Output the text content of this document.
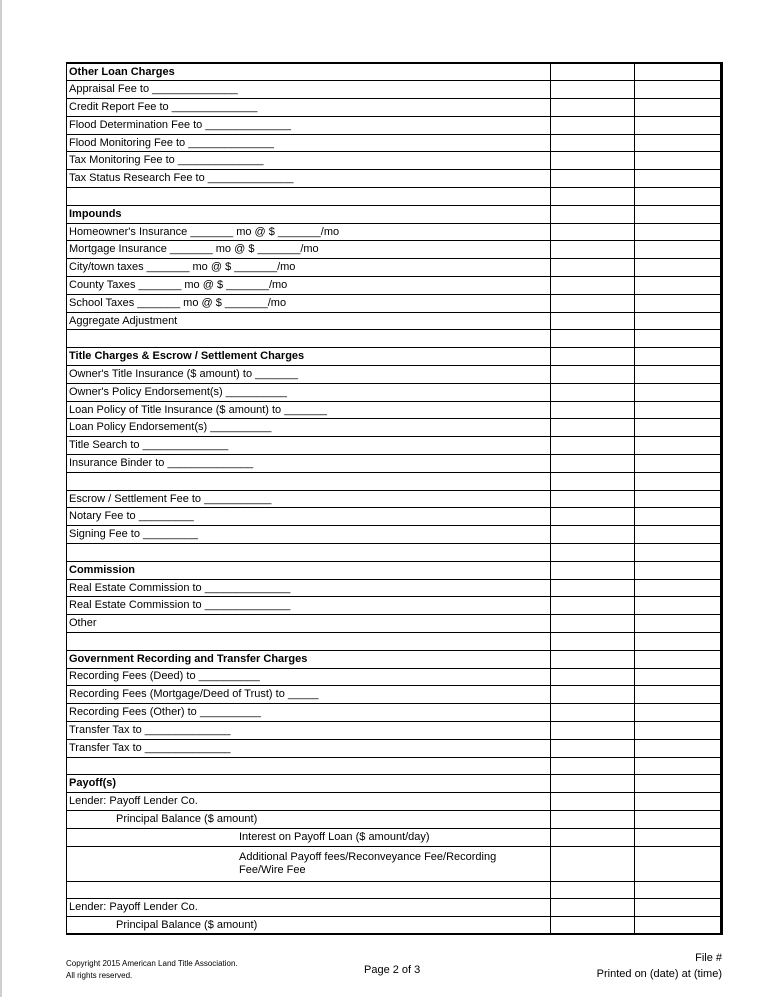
Other Loan Charges		
Appraisal Fee to ______________		
Credit Report Fee to ______________		
Flood Determination Fee to ______________		
Flood Monitoring Fee to ______________		
Tax Monitoring Fee to ______________		
Tax Status Research Fee to ______________		

Impounds		
Homeowner's Insurance _______ mo @ $ _______/mo		
Mortgage Insurance _______ mo @ $ _______/mo		
City/town taxes _______ mo @ $ _______/mo		
County Taxes _______ mo @ $ _______/mo		
School Taxes _______ mo @ $ _______/mo		
Aggregate Adjustment		

Title Charges & Escrow / Settlement Charges		
Owner's Title Insurance ($ amount) to _______		
Owner's Policy Endorsement(s) __________		
Loan Policy of Title Insurance ($ amount) to _______		
Loan Policy Endorsement(s) __________		
Title Search to ______________		
Insurance Binder to ______________		

Escrow / Settlement Fee to ___________		
Notary Fee to _________		
Signing Fee to _________		

Commission		
Real Estate Commission to ______________		
Real Estate Commission to ______________		
Other		

Government Recording and Transfer Charges		
Recording Fees (Deed) to __________		
Recording Fees (Mortgage/Deed of Trust) to _____		
Recording Fees (Other) to __________		
Transfer Tax to ______________		
Transfer Tax to ______________		

Payoff(s)		
Lender: Payoff Lender Co.		
Principal Balance ($ amount)		
Interest on Payoff Loan ($ amount/day)		

Additional Payoff fees/Reconveyance Fee/Recording Fee/Wire Fee		

Lender: Payoff Lender Co.		
Principal Balance ($ amount)		
Copyright 2015 American Land Title Association.
All rights reserved.	Page 2 of 3
File #
Printed on (date) at (time)
